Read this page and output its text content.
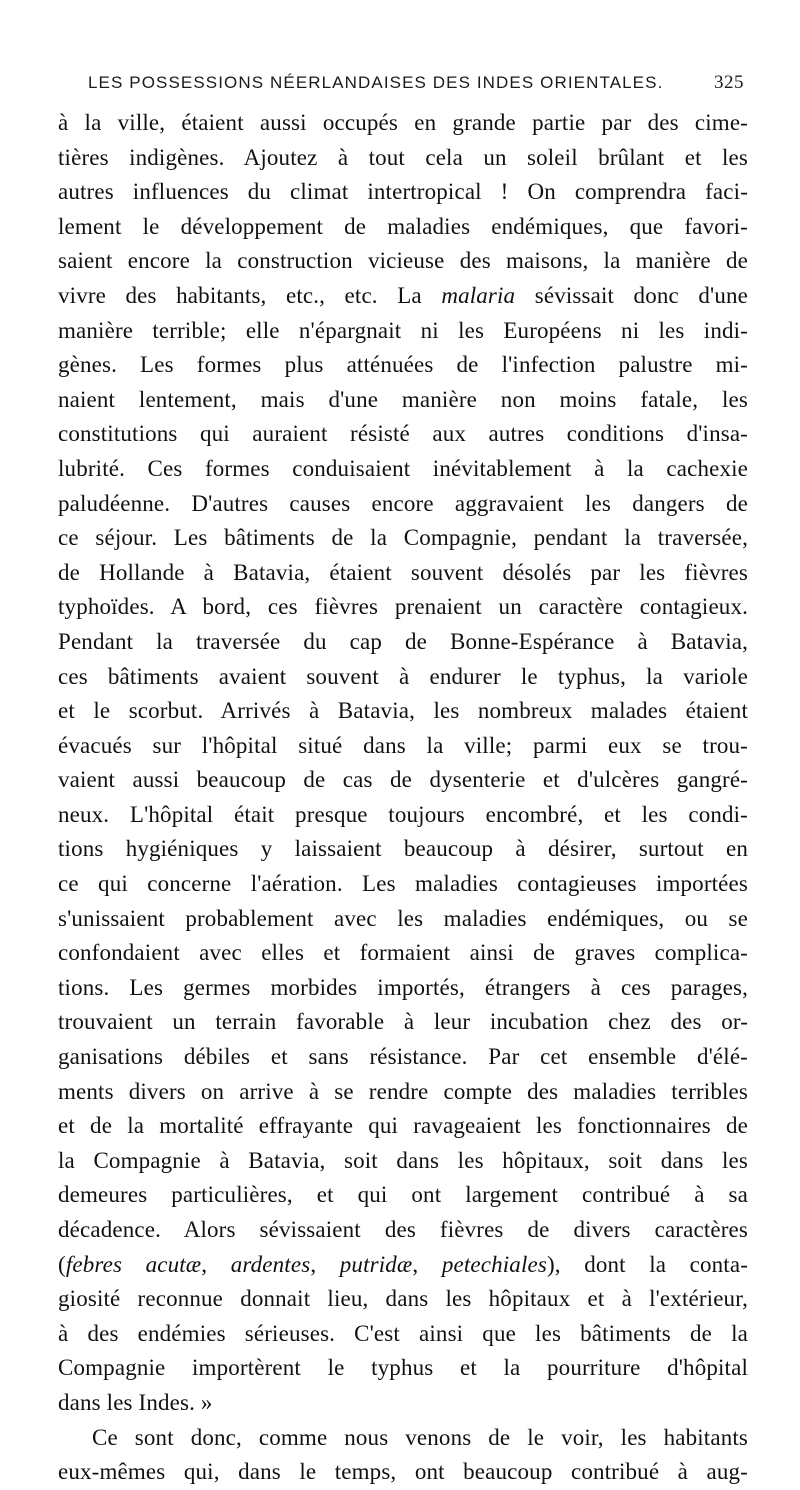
LES POSSESSIONS NÉERLANDAISES DES INDES ORIENTALES.	325
à la ville, étaient aussi occupés en grande partie par des cime-
tières indigènes. Ajoutez à tout cela un soleil brûlant et les
autres influences du climat intertropical ! On comprendra faci-
lement le développement de maladies endémiques, que favori-
saient encore la construction vicieuse des maisons, la manière de
vivre des habitants, etc., etc. La malaria sévissait donc d'une
manière terrible; elle n'épargnait ni les Européens ni les indi-
gènes. Les formes plus atténuées de l'infection palustre mi-
naient lentement, mais d'une manière non moins fatale, les
constitutions qui auraient résisté aux autres conditions d'insa-
lubrité. Ces formes conduisaient inévitablement à la cachexie
paludéenne. D'autres causes encore aggravaient les dangers de
ce séjour. Les bâtiments de la Compagnie, pendant la traversée,
de Hollande à Batavia, étaient souvent désolés par les fièvres
typhoïdes. A bord, ces fièvres prenaient un caractère contagieux.
Pendant la traversée du cap de Bonne-Espérance à Batavia,
ces bâtiments avaient souvent à endurer le typhus, la variole
et le scorbut. Arrivés à Batavia, les nombreux malades étaient
évacués sur l'hôpital situé dans la ville; parmi eux se trou-
vaient aussi beaucoup de cas de dysenterie et d'ulcères gangré-
neux. L'hôpital était presque toujours encombré, et les condi-
tions hygiéniques y laissaient beaucoup à désirer, surtout en
ce qui concerne l'aération. Les maladies contagieuses importées
s'unissaient probablement avec les maladies endémiques, ou se
confondaient avec elles et formaient ainsi de graves complica-
tions. Les germes morbides importés, étrangers à ces parages,
trouvaient un terrain favorable à leur incubation chez des or-
ganisations débiles et sans résistance. Par cet ensemble d'élé-
ments divers on arrive à se rendre compte des maladies terribles
et de la mortalité effrayante qui ravageaient les fonctionnaires de
la Compagnie à Batavia, soit dans les hôpitaux, soit dans les
demeures particulières, et qui ont largement contribué à sa
décadence. Alors sévissaient des fièvres de divers caractères
(febres acutæ, ardentes, putridæ, petechiales), dont la conta-
giosité reconnue donnait lieu, dans les hôpitaux et à l'extérieur,
à des endémies sérieuses. C'est ainsi que les bâtiments de la
Compagnie importèrent le typhus et la pourriture d'hôpital
dans les Indes. »
Ce sont donc, comme nous venons de le voir, les habitants
eux-mêmes qui, dans le temps, ont beaucoup contribué à aug-
